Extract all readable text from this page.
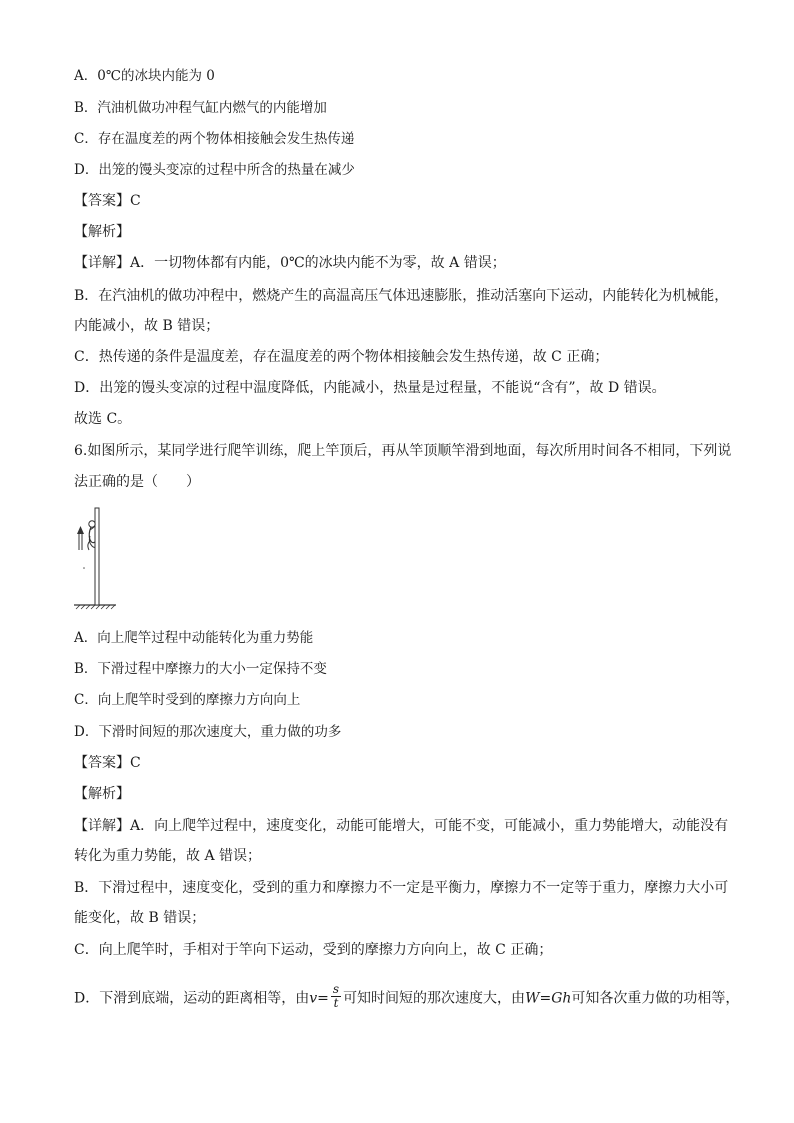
A．0℃的冰块内能为 0
B．汽油机做功冲程气缸内燃气的内能增加
C．存在温度差的两个物体相接触会发生热传递
D．出笼的馒头变凉的过程中所含的热量在减少
【答案】C
【解析】
【详解】A．一切物体都有内能，0℃的冰块内能不为零，故 A 错误；
B．在汽油机的做功冲程中，燃烧产生的高温高压气体迅速膨胀，推动活塞向下运动，内能转化为机械能，
内能减小，故 B 错误；
C．热传递的条件是温度差，存在温度差的两个物体相接触会发生热传递，故 C 正确；
D．出笼的馒头变凉的过程中温度降低，内能减小，热量是过程量，不能说“含有”，故 D 错误。
故选 C。
6.如图所示，某同学进行爬竿训练，爬上竿顶后，再从竿顶顺竿滑到地面，每次所用时间各不相同，下列说
法正确的是（　　）
A．向上爬竿过程中动能转化为重力势能
B．下滑过程中摩擦力的大小一定保持不变
C．向上爬竿时受到的摩擦力方向向上
D．下滑时间短的那次速度大，重力做的功多
【答案】C
【解析】
【详解】A．向上爬竿过程中，速度变化，动能可能增大，可能不变，可能减小，重力势能增大，动能没有
转化为重力势能，故 A 错误；
B．下滑过程中，速度变化，受到的重力和摩擦力不一定是平衡力，摩擦力不一定等于重力，摩擦力大小可
能变化，故 B 错误；
C．向上爬竿时，手相对于竿向下运动，受到的摩擦力方向向上，故 C 正确；
D．下滑到底端，运动的距离相等，由$v= \frac{s}{t}$ 可知时间短的那次速度大，由W=Gh可知各次重力做的功相等，
